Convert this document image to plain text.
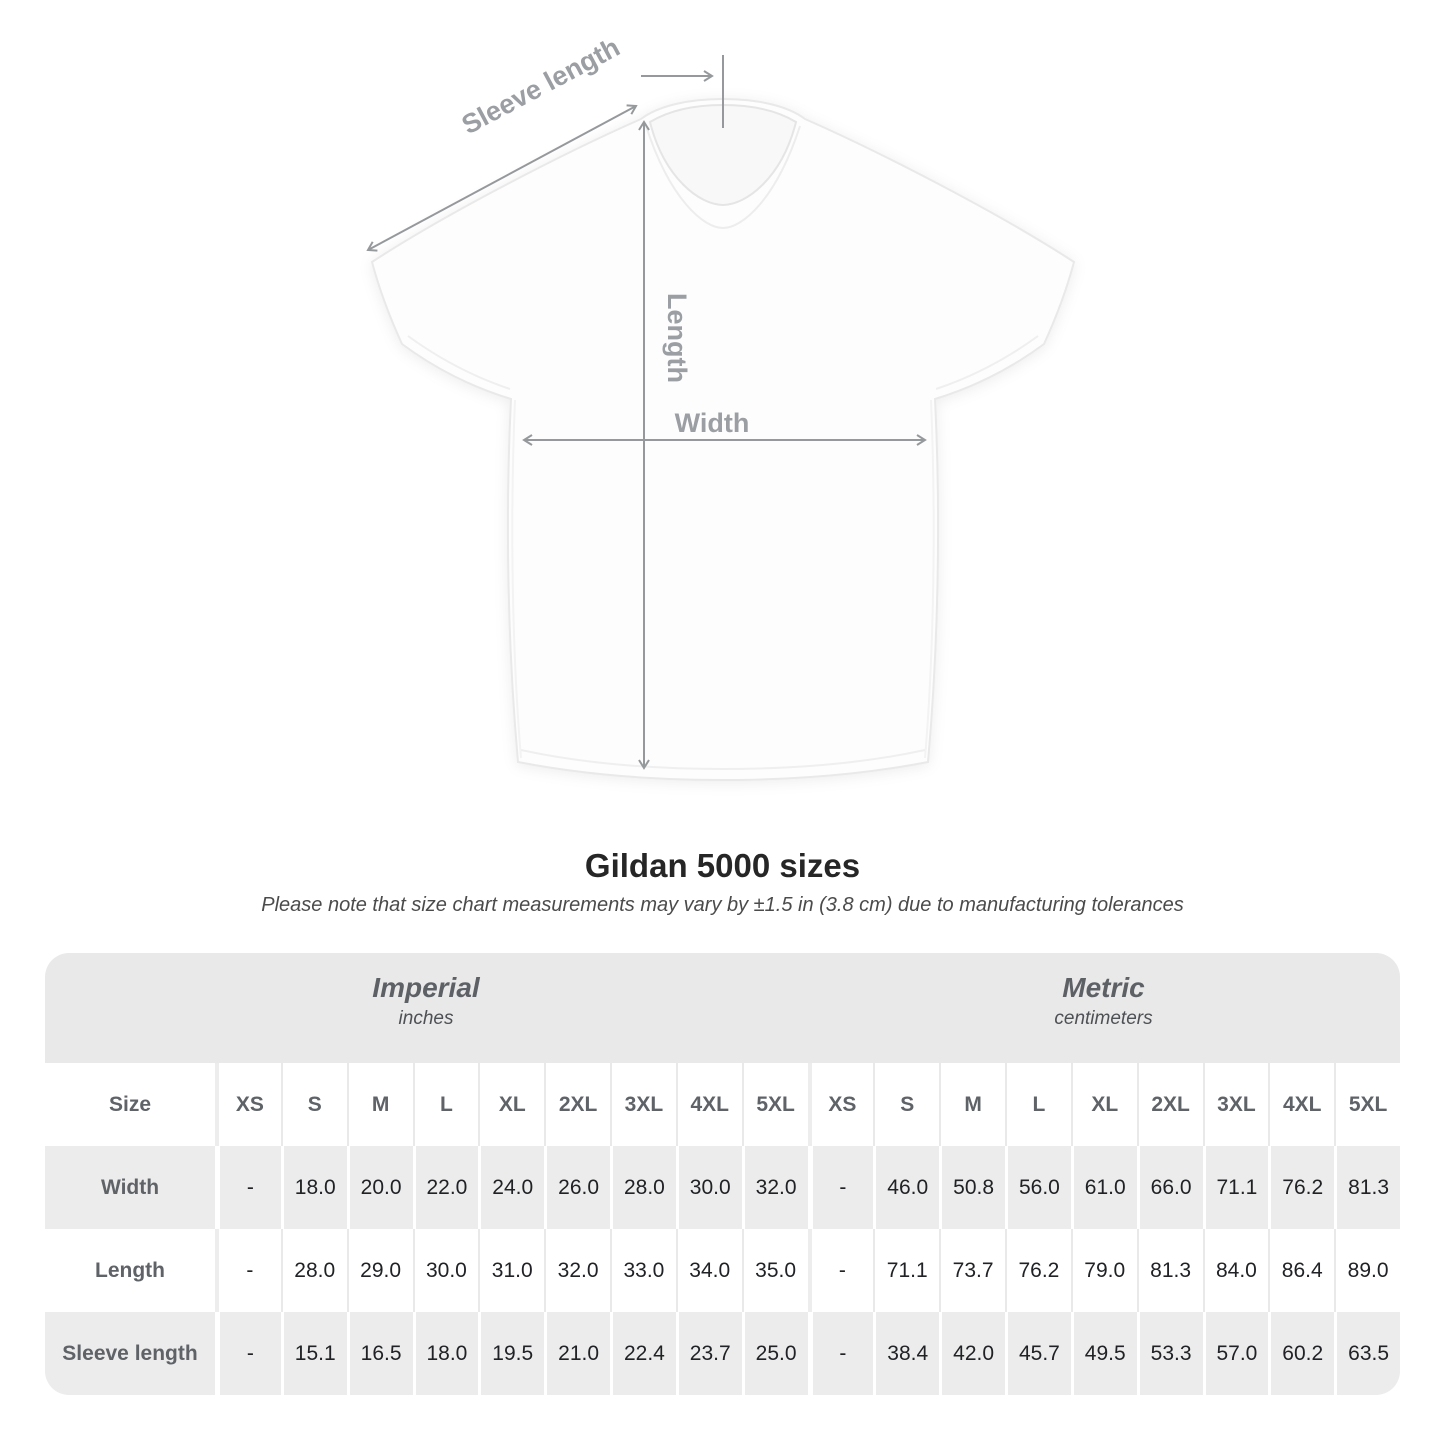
Sleeve length
Length
Width
Gildan 5000 sizes
Please note that size chart measurements may vary by ±1.5 in (3.8 cm) due to manufacturing tolerances
Imperial
inches
Metric
centimeters
Size	XS	S	M	L	XL	2XL	3XL	4XL	5XL	XS	S	M	L	XL	2XL	3XL	4XL	5XL
Width	-	18.0	20.0	22.0	24.0	26.0	28.0	30.0	32.0	-	46.0	50.8	56.0	61.0	66.0	71.1	76.2	81.3
Length	-	28.0	29.0	30.0	31.0	32.0	33.0	34.0	35.0	-	71.1	73.7	76.2	79.0	81.3	84.0	86.4	89.0
Sleeve length	-	15.1	16.5	18.0	19.5	21.0	22.4	23.7	25.0	-	38.4	42.0	45.7	49.5	53.3	57.0	60.2	63.5
